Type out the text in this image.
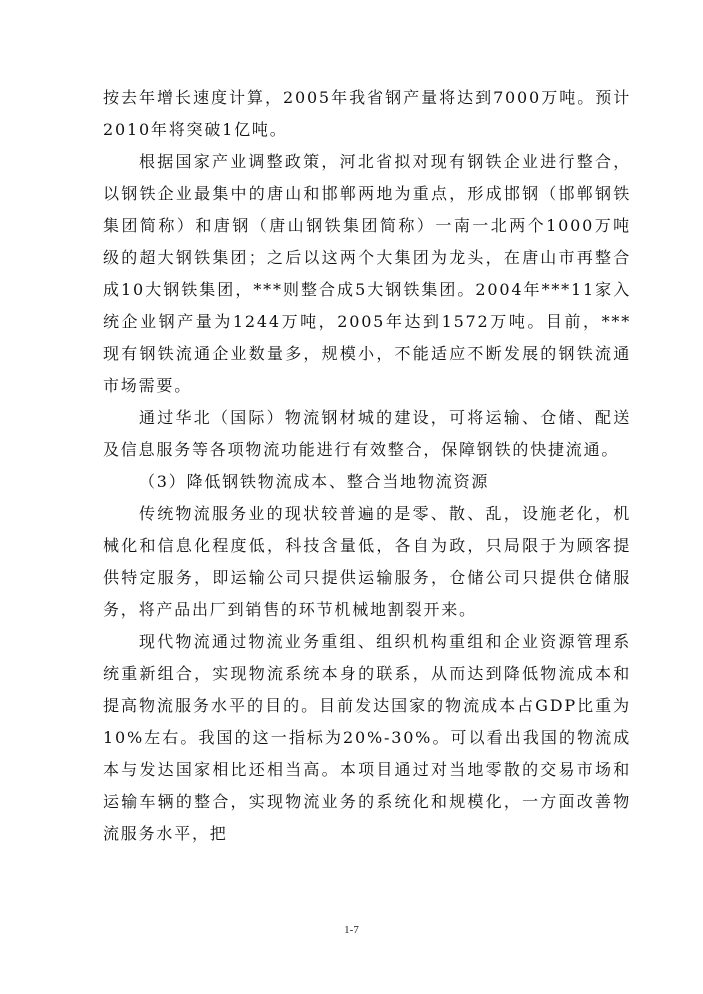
按去年增长速度计算，2005年我省钢产量将达到7000万吨。预计2010年将突破1亿吨。

根据国家产业调整政策，河北省拟对现有钢铁企业进行整合，以钢铁企业最集中的唐山和邯郸两地为重点，形成邯钢（邯郸钢铁集团简称）和唐钢（唐山钢铁集团简称）一南一北两个1000万吨级的超大钢铁集团；之后以这两个大集团为龙头，在唐山市再整合成10大钢铁集团，***则整合成5大钢铁集团。2004年***11家入统企业钢产量为1244万吨，2005年达到1572万吨。目前，***现有钢铁流通企业数量多，规模小，不能适应不断发展的钢铁流通市场需要。

通过华北（国际）物流钢材城的建设，可将运输、仓储、配送及信息服务等各项物流功能进行有效整合，保障钢铁的快捷流通。

（3）降低钢铁物流成本、整合当地物流资源

传统物流服务业的现状较普遍的是零、散、乱，设施老化，机械化和信息化程度低，科技含量低，各自为政，只局限于为顾客提供特定服务，即运输公司只提供运输服务，仓储公司只提供仓储服务，将产品出厂到销售的环节机械地割裂开来。

现代物流通过物流业务重组、组织机构重组和企业资源管理系统重新组合，实现物流系统本身的联系，从而达到降低物流成本和提高物流服务水平的目的。目前发达国家的物流成本占GDP比重为10%左右。我国的这一指标为20%-30%。可以看出我国的物流成本与发达国家相比还相当高。本项目通过对当地零散的交易市场和运输车辆的整合，实现物流业务的系统化和规模化，一方面改善物流服务水平，把

1-7
